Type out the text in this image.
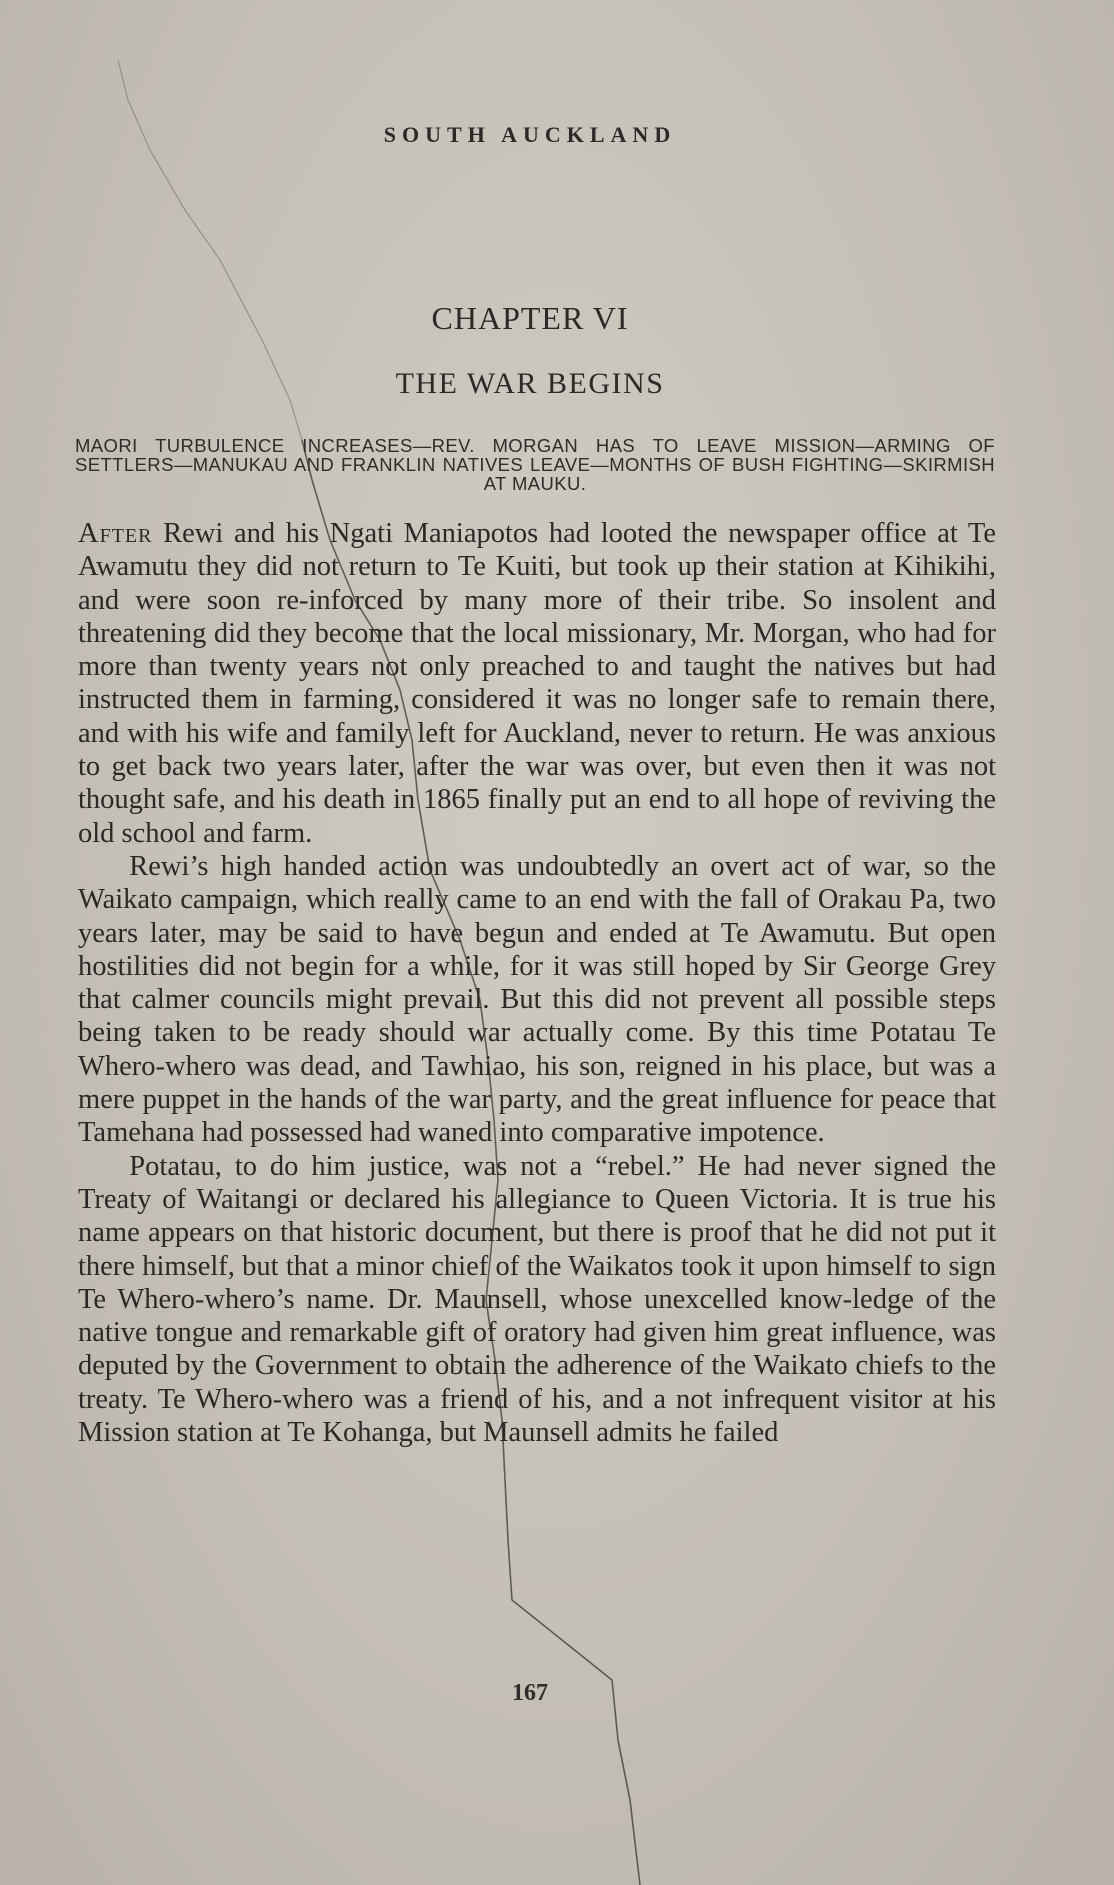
SOUTH AUCKLAND
CHAPTER VI
THE WAR BEGINS
MAORI TURBULENCE INCREASES—REV. MORGAN HAS TO LEAVE MISSION—ARMING OF SETTLERS—MANUKAU AND FRANKLIN NATIVES LEAVE—MONTHS OF BUSH FIGHTING—SKIRMISH AT MAUKU.

After Rewi and his Ngati Maniapotos had looted the newspaper office at Te Awamutu they did not return to Te Kuiti, but took up their station at Kihikihi, and were soon re-inforced by many more of their tribe. So insolent and threatening did they become that the local missionary, Mr. Morgan, who had for more than twenty years not only preached to and taught the natives but had instructed them in farming, considered it was no longer safe to remain there, and with his wife and family left for Auckland, never to return. He was anxious to get back two years later, after the war was over, but even then it was not thought safe, and his death in 1865 finally put an end to all hope of reviving the old school and farm.

Rewi’s high handed action was undoubtedly an overt act of war, so the Waikato campaign, which really came to an end with the fall of Orakau Pa, two years later, may be said to have begun and ended at Te Awamutu. But open hostilities did not begin for a while, for it was still hoped by Sir George Grey that calmer councils might prevail. But this did not prevent all possible steps being taken to be ready should war actually come. By this time Potatau Te Whero-whero was dead, and Tawhiao, his son, reigned in his place, but was a mere puppet in the hands of the war party, and the great influence for peace that Tamehana had possessed had waned into comparative impotence.

Potatau, to do him justice, was not a “rebel.” He had never signed the Treaty of Waitangi or declared his allegiance to Queen Victoria. It is true his name appears on that historic document, but there is proof that he did not put it there himself, but that a minor chief of the Waikatos took it upon himself to sign Te Whero-whero’s name. Dr. Maunsell, whose unexcelled know-ledge of the native tongue and remarkable gift of oratory had given him great influence, was deputed by the Government to obtain the adherence of the Waikato chiefs to the treaty. Te Whero-whero was a friend of his, and a not infrequent visitor at his Mission station at Te Kohanga, but Maunsell admits he failed

167
